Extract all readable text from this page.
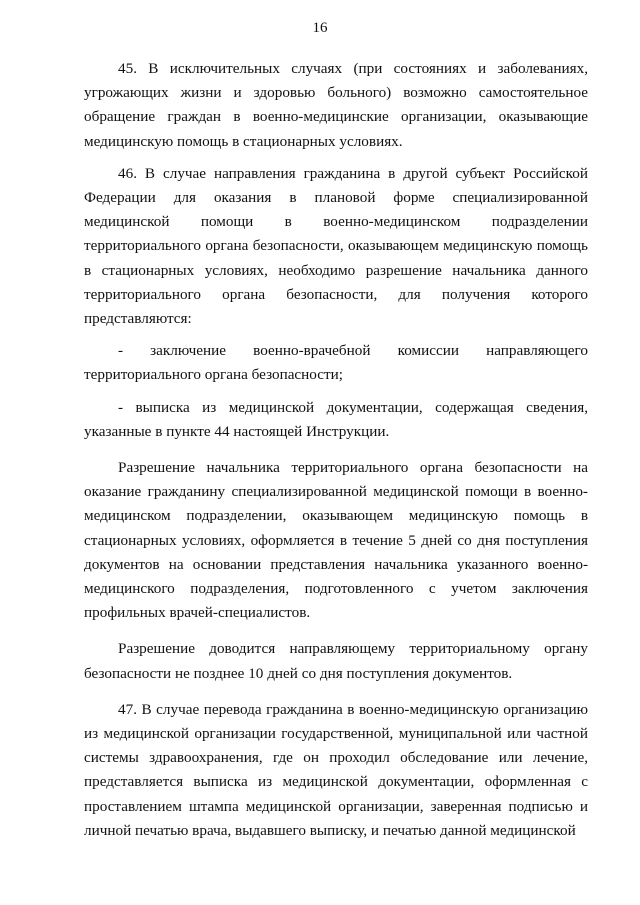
16

45. В исключительных случаях (при состояниях и заболеваниях, угрожающих жизни и здоровью больного) возможно самостоятельное обращение граждан в военно-медицинские организации, оказывающие медицинскую помощь в стационарных условиях.

46. В случае направления гражданина в другой субъект Российской Федерации для оказания в плановой форме специализированной медицинской помощи в военно-медицинском подразделении территориального органа безопасности, оказывающем медицинскую помощь в стационарных условиях, необходимо разрешение начальника данного территориального органа безопасности, для получения которого представляются:

- заключение военно-врачебной комиссии направляющего территориального органа безопасности;

- выписка из медицинской документации, содержащая сведения, указанные в пункте 44 настоящей Инструкции.

Разрешение начальника территориального органа безопасности на оказание гражданину специализированной медицинской помощи в военно-медицинском подразделении, оказывающем медицинскую помощь в стационарных условиях, оформляется в течение 5 дней со дня поступления документов на основании представления начальника указанного военно-медицинского подразделения, подготовленного с учетом заключения профильных врачей-специалистов.

Разрешение доводится направляющему территориальному органу безопасности не позднее 10 дней со дня поступления документов.

47. В случае перевода гражданина в военно-медицинскую организацию из медицинской организации государственной, муниципальной или частной системы здравоохранения, где он проходил обследование или лечение, представляется выписка из медицинской документации, оформленная с проставлением штампа медицинской организации, заверенная подписью и личной печатью врача, выдавшего выписку, и печатью данной медицинской
